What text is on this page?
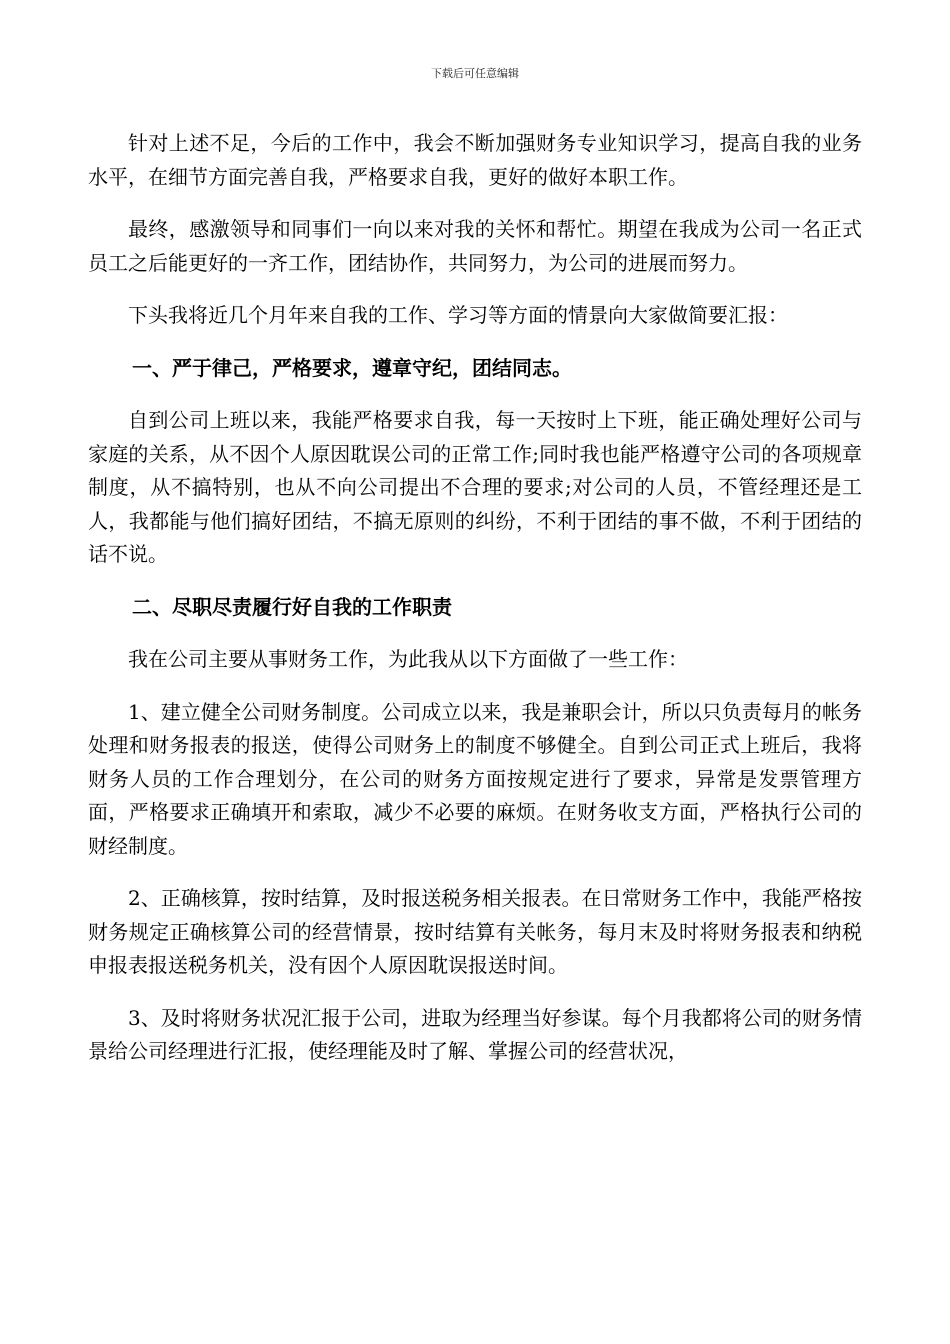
下载后可任意编辑

针对上述不足，今后的工作中，我会不断加强财务专业知识学习，提高自我的业务水平，在细节方面完善自我，严格要求自我，更好的做好本职工作。

最终，感激领导和同事们一向以来对我的关怀和帮忙。期望在我成为公司一名正式员工之后能更好的一齐工作，团结协作，共同努力，为公司的进展而努力。

下头我将近几个月年来自我的工作、学习等方面的情景向大家做简要汇报：

一、严于律己，严格要求，遵章守纪，团结同志。

自到公司上班以来，我能严格要求自我，每一天按时上下班，能正确处理好公司与家庭的关系，从不因个人原因耽误公司的正常工作;同时我也能严格遵守公司的各项规章制度，从不搞特别，也从不向公司提出不合理的要求;对公司的人员，不管经理还是工人，我都能与他们搞好团结，不搞无原则的纠纷，不利于团结的事不做，不利于团结的话不说。

二、尽职尽责履行好自我的工作职责

我在公司主要从事财务工作，为此我从以下方面做了一些工作：

1、建立健全公司财务制度。公司成立以来，我是兼职会计，所以只负责每月的帐务处理和财务报表的报送，使得公司财务上的制度不够健全。自到公司正式上班后，我将财务人员的工作合理划分，在公司的财务方面按规定进行了要求，异常是发票管理方面，严格要求正确填开和索取，减少不必要的麻烦。在财务收支方面，严格执行公司的财经制度。

2、正确核算，按时结算，及时报送税务相关报表。在日常财务工作中，我能严格按财务规定正确核算公司的经营情景，按时结算有关帐务，每月末及时将财务报表和纳税申报表报送税务机关，没有因个人原因耽误报送时间。

3、及时将财务状况汇报于公司，进取为经理当好参谋。每个月我都将公司的财务情景给公司经理进行汇报，使经理能及时了解、掌握公司的经营状况，
